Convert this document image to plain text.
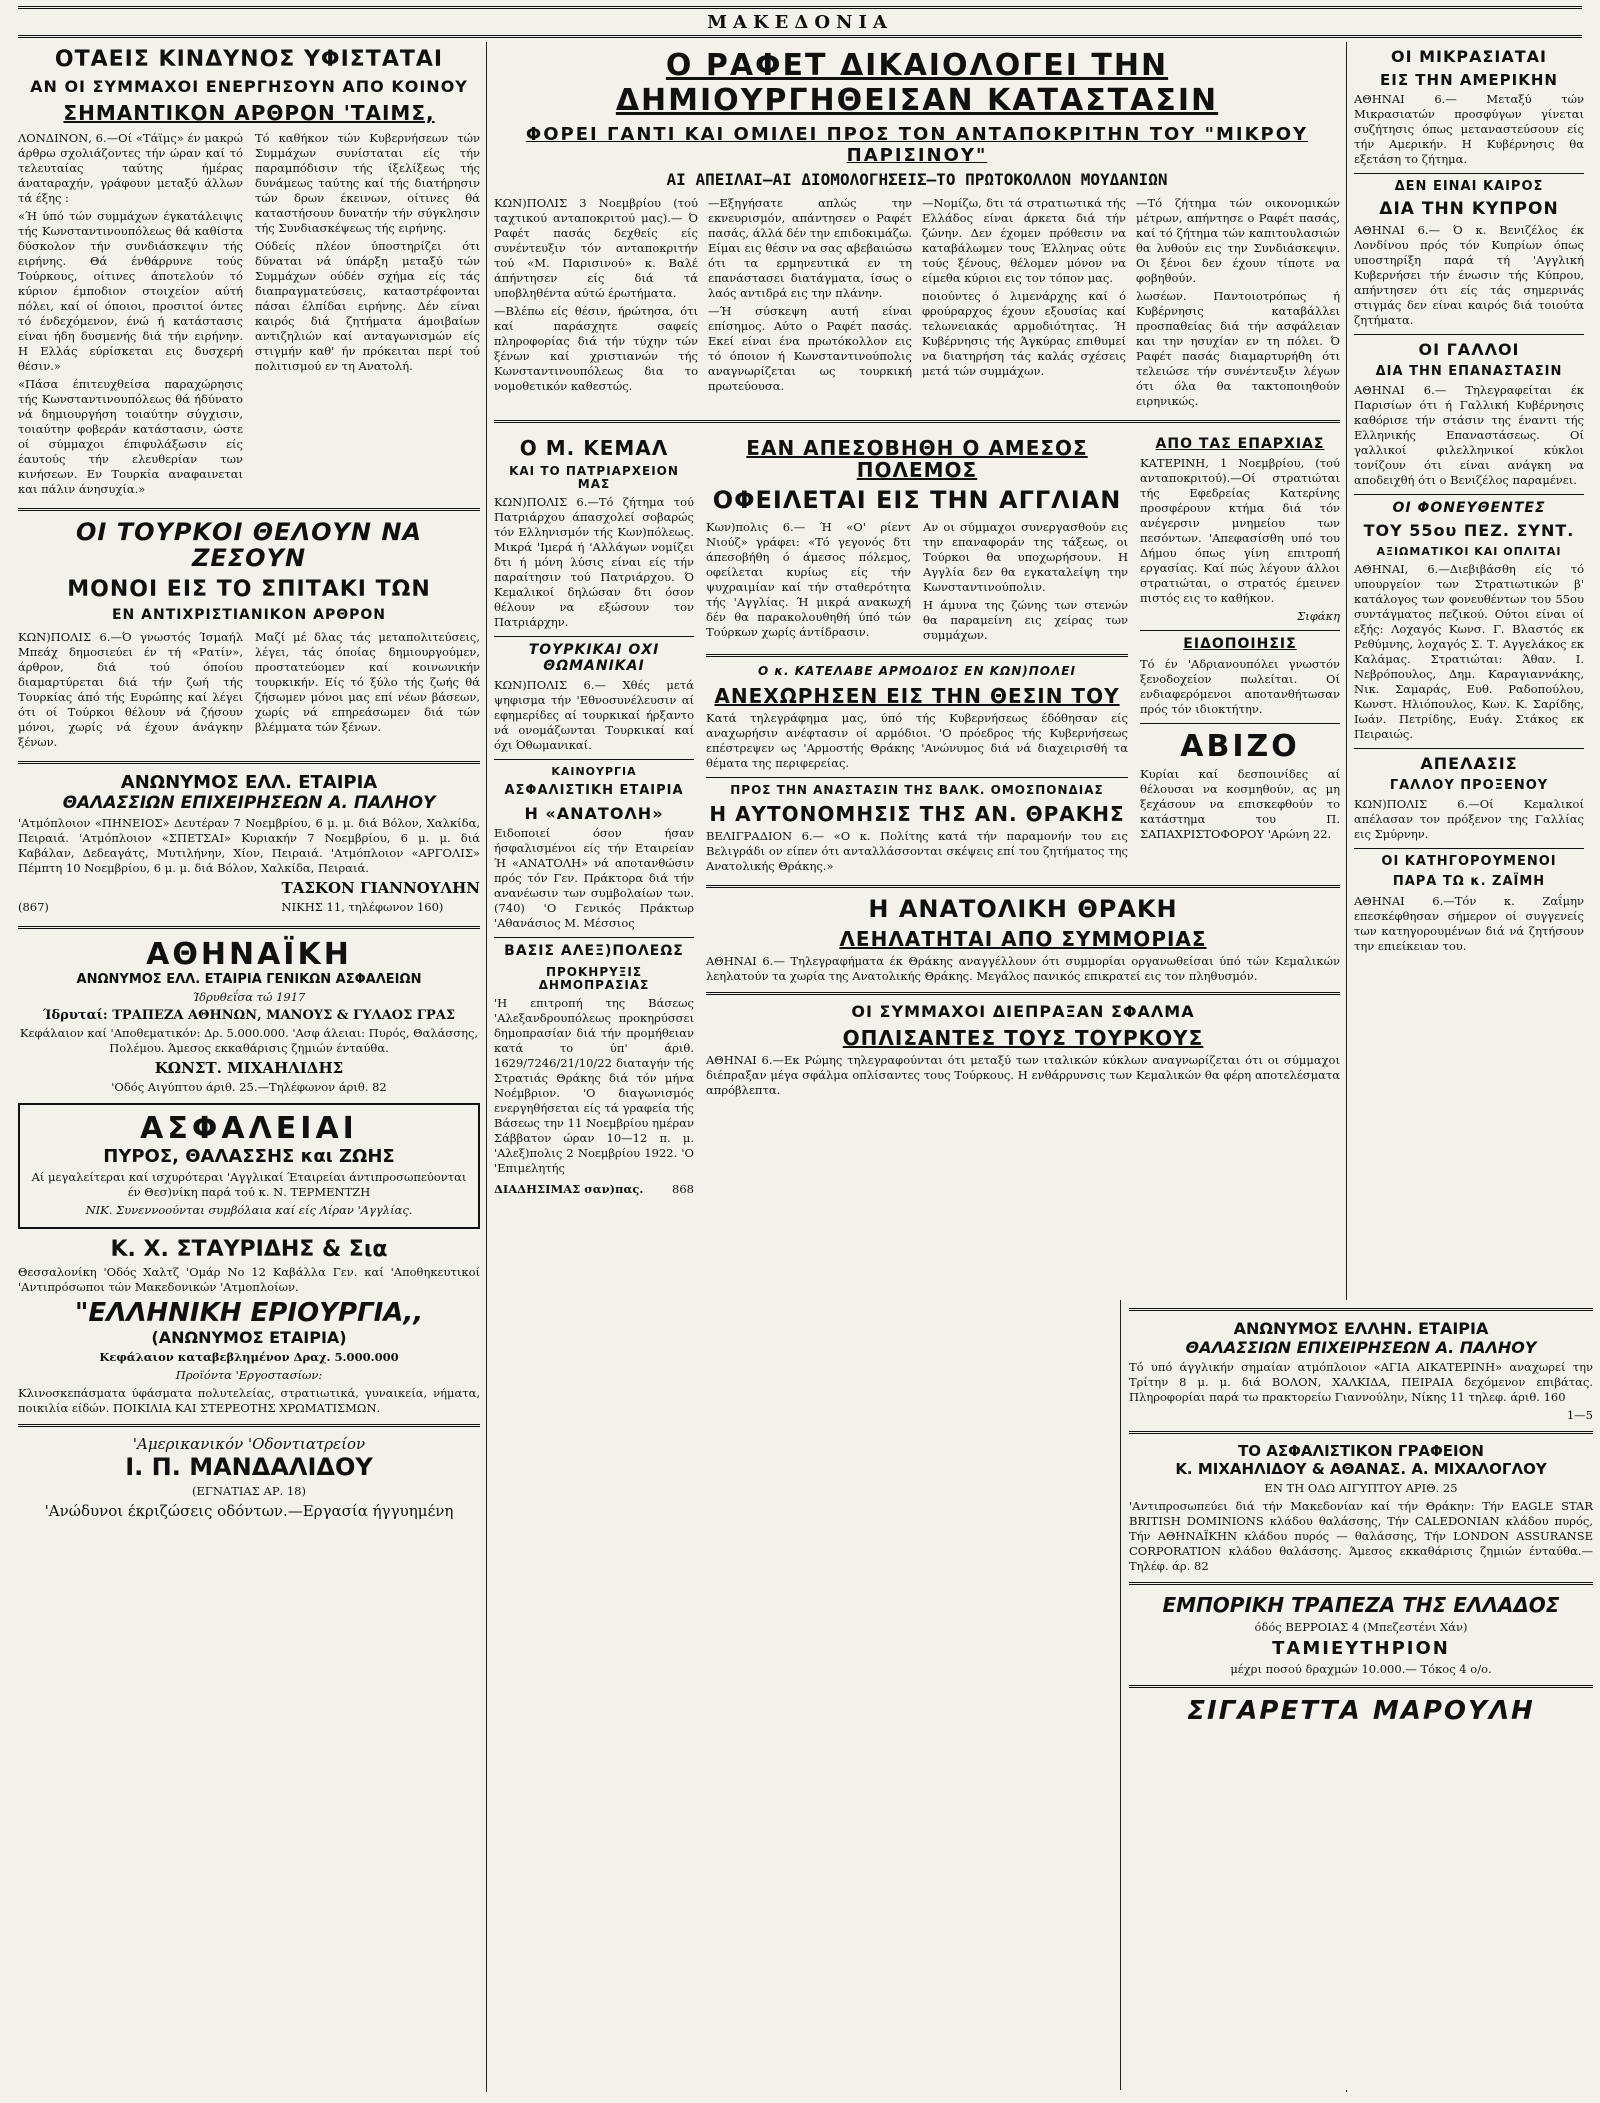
ΜΑΚΕΔΟΝΙΑ
ΟΤΑΕΙΣ ΚΙΝΔΥΝΟΣ ΥΦΙΣΤΑΤΑΙ
ΑΝ ΟΙ ΣΥΜΜΑΧΟΙ ΕΝΕΡΓΗΣΟΥΝ ΑΠΟ ΚΟΙΝΟΥ
ΣΗΜΑΝΤΙΚΟΝ ΑΡΘΡΟΝ 'ΤΑΙΜΣ,

ΛΟΝΔΙΝΟΝ, 6.—Οί «Τάϊμς» έν μακρώ άρθρω σχολιάζοντες τήν ώραν καί τό τελευταίας ταύτης ήμέρας άναταραχήν, γράφουν μεταξύ άλλων τά έξης :

«Ή ύπό τών συμμάχων έγκατάλειψις τής Κωνσταντινουπόλεως θά καθίστα δύσκολον τήν συνδιάσκεψιν τής ειρήνης. Θά ένθάρρυνε τούς Τούρκους, οίτινες άποτελούν τό κύριον έμποδιον στοιχείον αύτή πόλει, καί οί όποιοι, προσιτοί όντες τό ένδεχόμενον, ένώ ή κατάστασις είναι ήδη δυσμενής διά τήν ειρήνην. Η Ελλάς εύρίσκεται εις δυσχερή θέσιν.»

«Πάσα έπιτευχθείσα παραχώρησις τής Κωνσταντινουπόλεως θά ήδύνατο νά δημιουργήση τοιαύτην σύγχισιν, τοιαύτην φοβεράν κατάστασιν, ώστε οί σύμμαχοι έπιφυλάξωσιν είς έαυτούς τήν ελευθερίαν των κινήσεων. Εν Τουρκία αναφαινεται και πάλιν άνησυχία.»

Τό καθήκον τών Κυβερνήσεων τών Συμμάχων συνίσταται είς τήν παραμπόδισιν τής ίξελίξεως τής δυνάμεως ταύτης καί τής διατήρησιν τών δρων έκεινων, οίτινες θά καταστήσουν δυνατήν τήν σύγκλησιν τής Συνδιασκέψεως τής ειρήνης.

Ούδείς πλέον ύποστηρίζει ότι δύναται νά ύπάρξη μεταξύ τών Συμμάχων ούδέν σχήμα είς τάς διαπραγματεύσεις, καταστρέφονται πάσαι έλπίδαι ειρήνης. Δέν είναι καιρός διά ζητήματα άμοιβαίων αντιζηλιών καί ανταγωνισμών είς στιγμήν καθ' ήν πρόκειται περί τού πολιτισμού εν τη Ανατολή.

ΟΙ ΤΟΥΡΚΟΙ ΘΕΛΟΥΝ ΝΑ ΖΕΣΟΥΝ
ΜΟΝΟΙ ΕΙΣ ΤΟ ΣΠΙΤΑΚΙ ΤΩΝ
ΕΝ ΑΝΤΙΧΡΙΣΤΙΑΝΙΚΟΝ ΑΡΘΡΟΝ

ΚΩΝ)ΠΟΛΙΣ 6.—Ό γνωστός Ίσμαήλ Μπεάχ δημοσιεύει έν τή «Ρατίν», άρθρον, διά τού όποίου διαμαρτύρεται διά τήν ζωή τής Τουρκίας άπό τής Ευρώπης καί λέγει ότι οί Τούρκοι θέλουν νά ζήσουν μόνοι, χωρίς νά έχουν άνάγκην ξένων.

Μαζί μέ δλας τάς μεταπολιτεύσεις, λέγει, τάς όποίας δημιουργούμεν, προστατεύομεν καί κοινωνικήν τουρκικήν. Είς τό ξύλο τής ζωής θά ζήσωμεν μόνοι μας επί νέων βάσεων, χωρίς νά επηρεάσωμεν διά τών βλέμματα τών ξένων.

ΑΝΩΝΥΜΟΣ ΕΛΛ. ΕΤΑΙΡΙΑ
ΘΑΛΑΣΣΙΩΝ ΕΠΙΧΕΙΡΗΣΕΩΝ Α. ΠΑΛΗΟΥ

'Ατμόπλοιον «ΠΗΝΕΙΟΣ» Δευτέραν 7 Νοεμβρίου, 6 μ. μ. διά Βόλον, Χαλκίδα, Πειραιά. 'Ατμόπλοιον «ΣΠΕΤΣΑΙ» Κυριακήν 7 Νοεμβρίου, 6 μ. μ. διά Καβάλαν, Δεδεαγάτς, Μυτιλήνην, Χίον, Πειραιά. 'Ατμόπλοιον «ΑΡΓΟΛΙΣ» Πέμπτη 10 Νοεμβρίου, 6 μ. μ. διά Βόλον, Χαλκίδα, Πειραιά.

(867)
ΤΑΣΚΟΝ ΓΙΑΝΝΟΥΛΗΝ
ΝΙΚΗΣ 11, τηλέφωνον 160)
ΑΘΗΝΑΪΚΗ
ΑΝΩΝΥΜΟΣ ΕΛΛ. ΕΤΑΙΡΙΑ ΓΕΝΙΚΩΝ ΑΣΦΑΛΕΙΩΝ
Ίδρυθεΐσα τώ 1917
Ίδρυταί: ΤΡΑΠΕΖΑ ΑΘΗΝΩΝ, ΜΑΝΟΥΣ & ΓΥΛΑΟΣ ΓΡΑΣ

Κεφάλαιον καί 'Αποθεματικόν: Δρ. 5.000.000. 'Ασφ άλειαι: Πυρός, Θαλάσσης, Πολέμου. Άμεσος εκκαθάρισις ζημιών ένταύθα.

ΚΩΝΣΤ. ΜΙΧΑΗΛΙΔΗΣ
'Οδός Αιγύπτου άριθ. 25.—Τηλέφωνον άριθ. 82
ΑΣΦΑΛΕΙΑΙ
ΠΥΡΟΣ, ΘΑΛΑΣΣΗΣ και ΖΩΗΣ

Αί μεγαλείτεραι καί ισχυρότεραι 'Αγγλικαί Έταιρείαι άντιπροσωπεύονται έν Θεσ)νίκη παρά τού κ. Ν. ΤΕΡΜΕΝΤΖΗ

ΝΙΚ. Συνεννοούνται συμβόλαια καί είς Λίραν 'Αγγλίας.
Κ. Χ. ΣΤΑΥΡΙΔΗΣ & Σια

Θεσσαλονίκη 'Οδός Χαλτζ 'Ομάρ Νο 12 Καβάλλα Γεν. καί 'Αποθηκευτικοί 'Αντιπρόσωποι τών Μακεδονικών 'Ατμοπλοίων.

"ΕΛΛΗΝΙΚΗ ΕΡΙΟΥΡΓΙΑ,,
(ΑΝΩΝΥΜΟΣ ΕΤΑΙΡΙΑ)
Κεφάλαιον καταβεβλημένον Δραχ. 5.000.000
Προϊόντα 'Εργοστασίων:

Κλινοσκεπάσματα ύφάσματα πολυτελείας, στρατιωτικά, γυναικεία, νήματα, ποικιλία είδών. ΠΟΙΚΙΛΙΑ ΚΑΙ ΣΤΕΡΕΟΤΗΣ ΧΡΩΜΑΤΙΣΜΩΝ.

'Αμερικανικόν 'Οδοντιατρείον
Ι. Π. ΜΑΝΔΑΛΙΔΟΥ
(ΕΓΝΑΤΙΑΣ ΑΡ. 18)
'Ανώδυνοι έκριζώσεις οδόντων.—Εργασία ήγγυημένη
Ο ΡΑΦΕΤ ΔΙΚΑΙΟΛΟΓΕΙ ΤΗΝ ΔΗΜΙΟΥΡΓΗΘΕΙΣΑΝ ΚΑΤΑΣΤΑΣΙΝ
ΦΟΡΕΙ ΓΑΝΤΙ ΚΑΙ ΟΜΙΛΕΙ ΠΡΟΣ ΤΟΝ ΑΝΤΑΠΟΚΡΙΤΗΝ ΤΟΥ "ΜΙΚΡΟΥ ΠΑΡΙΣΙΝΟΥ"
ΑΙ ΑΠΕΙΛΑΙ—ΑΙ ΔΙΟΜΟΛΟΓΗΣΕΙΣ—ΤΟ ΠΡΩΤΟΚΟΛΛΟΝ ΜΟΥΔΑΝΙΩΝ

ΚΩΝ)ΠΟΛΙΣ 3 Νοεμβρίου (τού ταχτικού ανταποκριτού μας).— Ό Ραφέτ πασάς δεχθείς είς συνέντευξιν τόν ανταποκριτήν τού «Μ. Παρισινού» κ. Βαλέ άπήντησεν είς διά τά υποβληθέντα αύτώ έρωτήματα.

—Βλέπω είς θέσιν, ήρώτησα, ότι καί παράσχητε σαφείς πληροφορίας διά τήν τύχην τών ξένων καί χριστιανών τής Κωνσταντινουπόλεως δια το νομοθετικόν καθεστώς.

—Εξηγήσατε απλώς την εκνευρισμόν, απάντησεν ο Ραφέτ πασάς, άλλά δέν την επιδοκιμάζω. Είμαι εις θέσιν να σας αβεβαιώσω ότι τα ερμηνευτικά εν τη επανάστασει διατάγματα, ίσως ο λαός αντιδρά εις την πλάνην.

—Ή σύσκεψη αυτή είναι επίσημος. Αύτο ο Ραφέτ πασάς. Εκεί είναι ένα πρωτόκολλον εις τό όποιον ή Κωνσταντινούπολις αναγνωρίζεται ως τουρκική πρωτεύουσα.

—Νομίζω, δτι τά στρατιωτικά τής Ελλάδος είναι άρκετα διά τήν ζώνην. Δεν έχομεν πρόθεσιν να καταβάλωμεν τους Έλληνας ούτε τούς ξένους, θέλομεν μόνον να είμεθα κύριοι εις τον τόπον μας.

ποιούντες ό λιμενάρχης καί ό φρούραρχος έχουν εξουσίας καί τελωνειακάς αρμοδιότητας. Ή Κυβέρνησις τής Άγκύρας επιθυμεί να διατηρήση τάς καλάς σχέσεις μετά τών συμμάχων.

—Τό ζήτημα τών οικονομικών μέτρων, απήντησε ο Ραφέτ πασάς, καί τό ζήτημα τών καπιτουλασιών θα λυθούν εις την Συνδιάσκεψιν. Οι ξένοι δεν έχουν τίποτε να φοβηθούν.

λωσέων. Παντοιοτρόπως ή Κυβέρνησις καταβάλλει προσπαθείας διά τήν ασφάλειαν και την ησυχίαν εν τη πόλει. Ό Ραφέτ πασάς διαμαρτυρήθη ότι τελειώσε τήν συνέντευξιν λέγων ότι όλα θα τακτοποιηθούν ειρηνικώς.

Ο Μ. ΚΕΜΑΛ
ΚΑΙ ΤΟ ΠΑΤΡΙΑΡΧΕΙΟΝ ΜΑΣ

ΚΩΝ)ΠΟΛΙΣ 6.—Τό ζήτημα τού Πατριάρχου άπασχολεί σοβαρώς τόν Ελληνισμόν τής Κων)πόλεως. Μικρά 'Ιμερά ή 'Αλλάγων νομίζει δτι ή μόνη λύσις είναι είς τήν παραίτησιν τού Πατριάρχου. Ό Κεμαλικοί δηλώσαν δτι όσον θέλουν να εξώσουν τον Πατριάρχην.

ΤΟΥΡΚΙΚΑΙ ΟΧΙ ΘΩΜΑΝΙΚΑΙ

ΚΩΝ)ΠΟΛΙΣ 6.— Χθές μετά ψηφισμα τήν 'Εθνοσυνέλευσιν αί εφημερίδες αί τουρκικαί ήρξαντο νά ονομάζωνται Τουρκικαί καί όχι Όθωμανικαί.

ΚΑΙΝΟΥΡΓΙΑ
ΑΣΦΑΛΙΣΤΙΚΗ ΕΤΑΙΡΙΑ
Η «ΑΝΑΤΟΛΗ»

Ειδοποιεί όσον ήσαν ήσφαλισμένοι είς τήν Εταιρείαν Ή «ΑΝΑΤΟΛΗ» νά αποτανθώσιν πρός τόν Γεν. Πράκτορα διά τήν ανανέωσιν των συμβολαίων των. (740) 'Ο Γενικός Πράκτωρ 'Αθανάσιος Μ. Μέσσιος

ΒΑΣΙΣ ΑΛΕΞ)ΠΟΛΕΩΣ
ΠΡΟΚΗΡΥΞΙΣ ΔΗΜΟΠΡΑΣΙΑΣ

'Η επιτροπή της Βάσεως 'Αλεξανδρουπόλεως προκηρύσσει δημοπρασίαν διά τήν προμήθειαν κατά το ύπ' άριθ. 1629/7246/21/10/22 διαταγήν τής Στρατιάς Θράκης διά τόν μήνα Νοέμβριον. 'Ο διαγωνισμός ενεργηθήσεται είς τά γραφεία τής Βάσεως την 11 Νοεμβρίου ημέραν Σάββατον ώραν 10—12 π. μ. 'Αλεξ)πολις 2 Νοεμβρίου 1922. 'Ο 'Επιμελητής

ΔΙΑΔΗΣΙΜΑΣ σαν)πας. 868
ΕΑΝ ΑΠΕΣΟΒΗΘΗ Ο ΑΜΕΣΟΣ ΠΟΛΕΜΟΣ
ΟΦΕΙΛΕΤΑΙ ΕΙΣ ΤΗΝ ΑΓΓΛΙΑΝ

Κων)πολις 6.— Ή «Ο' ρίεντ Νιούζ» γράφει: «Τό γεγονός δτι άπεσοβήθη ό άμεσος πόλεμος, οφείλεται κυρίως είς τήν ψυχραιμίαν καί τήν σταθερότητα τής 'Αγγλίας. Ή μικρά ανακωχή δέν θα παρακολουθηθή ύπό τών Τούρκων χωρίς άντίδρασιν.

Αν οι σύμμαχοι συνεργασθούν εις την επαναφοράν της τάξεως, οι Τούρκοι θα υποχωρήσουν. Η Αγγλία δεν θα εγκαταλείψη την Κωνσταντινούπολιν.

Η άμυνα της ζώνης των στενών θα παραμείνη εις χείρας των συμμάχων.

Ο κ. ΚΑΤΕΛΑΒΕ ΑΡΜΟΔΙΟΣ ΕΝ ΚΩΝ)ΠΟΛΕΙ
ΑΝΕΧΩΡΗΣΕΝ ΕΙΣ ΤΗΝ ΘΕΣΙΝ ΤΟΥ

Κατά τηλεγράφημα μας, ύπό τής Κυβερνήσεως έδόθησαν είς αναχωρήσιν ανέφτασιν οί αρμόδιοι. 'Ο πρόεδρος τής Κυβερνήσεως επέστρεψεν ως 'Αρμοστής Θράκης 'Ανώνυμος διά νά διαχειρισθή τα θέματα της περιφερείας.

ΠΡΟΣ ΤΗΝ ΑΝΑΣΤΑΣΙΝ ΤΗΣ ΒΑΛΚ. ΟΜΟΣΠΟΝΔΙΑΣ
Η ΑΥΤΟΝΟΜΗΣΙΣ ΤΗΣ ΑΝ. ΘΡΑΚΗΣ

ΒΕΛΙΓΡΑΔΙΟΝ 6.— «Ο κ. Πολίτης κατά τήν παραμονήν του εις Βελιγράδι ον είπεν ότι ανταλλάσσονται σκέψεις επί του ζητήματος της Ανατολικής Θράκης.»

ΑΠΟ ΤΑΣ ΕΠΑΡΧΙΑΣ

ΚΑΤΕΡΙΝΗ, 1 Νοεμβρίου, (τού ανταποκριτού).—Οί στρατιώται τής Εφεδρείας Κατερίνης προσφέρουν κτήμα διά τόν ανέγερσιν μνημείου των πεσόντων. 'Απεφασίσθη υπό του Δήμου όπως γίνη επιτροπή εργασίας. Καί πώς λέγουν άλλοι στρατιώται, ο στρατός έμεινεν πιστός εις το καθήκον.

Σιφάκη
ΕΙΔΟΠΟΙΗΣΙΣ

Τό έν 'Αδριανουπόλει γνωστόν ξενοδοχείον πωλείται. Οί ενδιαφερόμενοι αποτανθήτωσαν πρός τόν ιδιοκτήτην.

ΑΒΙΖΟ

Κυρίαι καί δεσποινίδες αί θέλουσαι να κοσμηθούν, ας μη ξεχάσουν να επισκεφθούν το κατάστημα του Π. ΣΑΠΑΧΡΙΣΤΟΦΟΡΟΥ 'Αρώνη 22.

Η ΑΝΑΤΟΛΙΚΗ ΘΡΑΚΗ
ΛΕΗΛΑΤΗΤΑΙ ΑΠΟ ΣΥΜΜΟΡΙΑΣ

ΑΘΗΝΑΙ 6.— Τηλεγραφήματα έκ Θράκης αναγγέλλουν ότι συμμορίαι οργανωθείσαι ύπό τών Κεμαλικών λεηλατούν τα χωρία της Ανατολικής Θράκης. Μεγάλος πανικός επικρατεί εις τον πληθυσμόν.

ΟΙ ΣΥΜΜΑΧΟΙ ΔΙΕΠΡΑΞΑΝ ΣΦΑΛΜΑ
ΟΠΛΙΣΑΝΤΕΣ ΤΟΥΣ ΤΟΥΡΚΟΥΣ

ΑΘΗΝΑΙ 6.—Εκ Ρώμης τηλεγραφούνται ότι μεταξύ των ιταλικών κύκλων αναγνωρίζεται ότι οι σύμμαχοι διέπραξαν μέγα σφάλμα οπλίσαντες τους Τούρκους. Η ενθάρρυνσις των Κεμαλικών θα φέρη αποτελέσματα απρόβλεπτα.

ΟΙ ΜΙΚΡΑΣΙΑΤΑΙ
ΕΙΣ ΤΗΝ ΑΜΕΡΙΚΗΝ

ΑΘΗΝΑΙ 6.— Μεταξύ τών Μικρασιατών προσφύγων γίνεται συζήτησις όπως μεταναστεύσουν είς τήν Αμερικήν. Η Κυβέρνησις θα εξετάση το ζήτημα.

ΔΕΝ ΕΙΝΑΙ ΚΑΙΡΟΣ
ΔΙΑ ΤΗΝ ΚΥΠΡΟΝ

ΑΘΗΝΑΙ 6.— Ό κ. Βενιζέλος έκ Λονδίνου πρός τόν Κυπρίων όπως υποστηρίξη παρά τή 'Αγγλική Κυβερνήσει τήν ένωσιν τής Κύπρου, απήντησεν ότι είς τάς σημερινάς στιγμάς δεν είναι καιρός διά τοιούτα ζητήματα.

ΟΙ ΓΑΛΛΟΙ
ΔΙΑ ΤΗΝ ΕΠΑΝΑΣΤΑΣΙΝ

ΑΘΗΝΑΙ 6.— Τηλεγραφείται έκ Παρισίων ότι ή Γαλλική Κυβέρνησις καθόρισε τήν στάσιν της έναντι τής Ελληνικής Επαναστάσεως. Οί γαλλικοί φιλελληνικοί κύκλοι τονίζουν ότι είναι ανάγκη να αποδειχθή ότι ο Βενιζέλος παραμένει.

ΟΙ ΦΟΝΕΥΘΕΝΤΕΣ
ΤΟΥ 55ου ΠΕΖ. ΣΥΝΤ.
ΑΞΙΩΜΑΤΙΚΟΙ ΚΑΙ ΟΠΛΙΤΑΙ

ΑΘΗΝΑΙ, 6.—Διεβιβάσθη είς τό υπουργείον των Στρατιωτικών β' κατάλογος των φονευθέντων του 55ου συντάγματος πεζικού. Ούτοι είναι οί εξής: Λοχαγός Κωνσ. Γ. Βλαστός εκ Ρεθύμνης, λοχαγός Σ. Τ. Αγγελάκος εκ Καλάμας. Στρατιώται: Άθαν. Ι. Νεβρόπουλος, Δημ. Καραγιαννάκης, Νικ. Σαμαράς, Ευθ. Ραδοπούλου, Κωνστ. Ηλιόπουλος, Κων. Κ. Σαρίδης, Ιωάν. Πετρίδης, Ευάγ. Στάκος εκ Πειραιώς.

ΑΠΕΛΑΣΙΣ
ΓΑΛΛΟΥ ΠΡΟΞΕΝΟΥ

ΚΩΝ)ΠΟΛΙΣ 6.—Οί Κεμαλικοί απέλασαν τον πρόξενον της Γαλλίας εις Σμύρνην.

ΟΙ ΚΑΤΗΓΟΡΟΥΜΕΝΟΙ
ΠΑΡΑ ΤΩ κ. ΖΑΪΜΗ

ΑΘΗΝΑΙ 6.—Τόν κ. Ζαΐμην επεσκέφθησαν σήμερον οί συγγενείς των κατηγορουμένων διά νά ζητήσουν την επιείκειαν του.

ΑΝΩΝΥΜΟΣ ΕΛΛΗΝ. ΕΤΑΙΡΙΑ
ΘΑΛΑΣΣΙΩΝ ΕΠΙΧΕΙΡΗΣΕΩΝ Α. ΠΑΛΗΟΥ

Τό υπό άγγλικήν σημαίαν ατμόπλοιον «ΑΓΙΑ ΑΙΚΑΤΕΡΙΝΗ» αναχωρεί την Τρίτην 8 μ. μ. διά ΒΟΛΟΝ, ΧΑΛΚΙΔΑ, ΠΕΙΡΑΙΑ δεχόμενον επιβάτας. Πληροφορίαι παρά τω πρακτορείω Γιαννούλην, Νίκης 11 τηλεφ. άριθ. 160

1—5
ΤΟ ΑΣΦΑΛΙΣΤΙΚΟΝ ΓΡΑΦΕΙΟΝ
Κ. ΜΙΧΑΗΛΙΔΟΥ & ΑΘΑΝΑΣ. Α. ΜΙΧΑΛΟΓΛΟΥ
ΕΝ ΤΗ ΟΔΩ ΑΙΓΥΠΤΟΥ ΑΡΙΘ. 25

'Αντιπροσωπεύει διά τήν Μακεδονίαν καί τήν Θράκην: Τήν EAGLE STAR BRITISH DOMINIONS κλάδου θαλάσσης, Τήν CALEDONIAN κλάδου πυρός, Τήν ΑΘΗΝΑΪΚΗΝ κλάδου πυρός — θαλάσσης, Τήν LONDON ASSURANSE CORPORATION κλάδου θαλάσσης. Άμεσος εκκαθάρισις ζημιών ένταύθα.—Τηλέφ. άρ. 82

ΕΜΠΟΡΙΚΗ ΤΡΑΠΕΖΑ ΤΗΣ ΕΛΛΑΔΟΣ
όδός ΒΕΡΡΟΙΑΣ 4 (Μπεζεστένι Χάν)
ΤΑΜΙΕΥΤΗΡΙΟΝ
μέχρι ποσού δραχμών 10.000.— Τόκος 4 ο/ο.
ΣΙΓΑΡΕΤΤΑ ΜΑΡΟΥΛΗ
